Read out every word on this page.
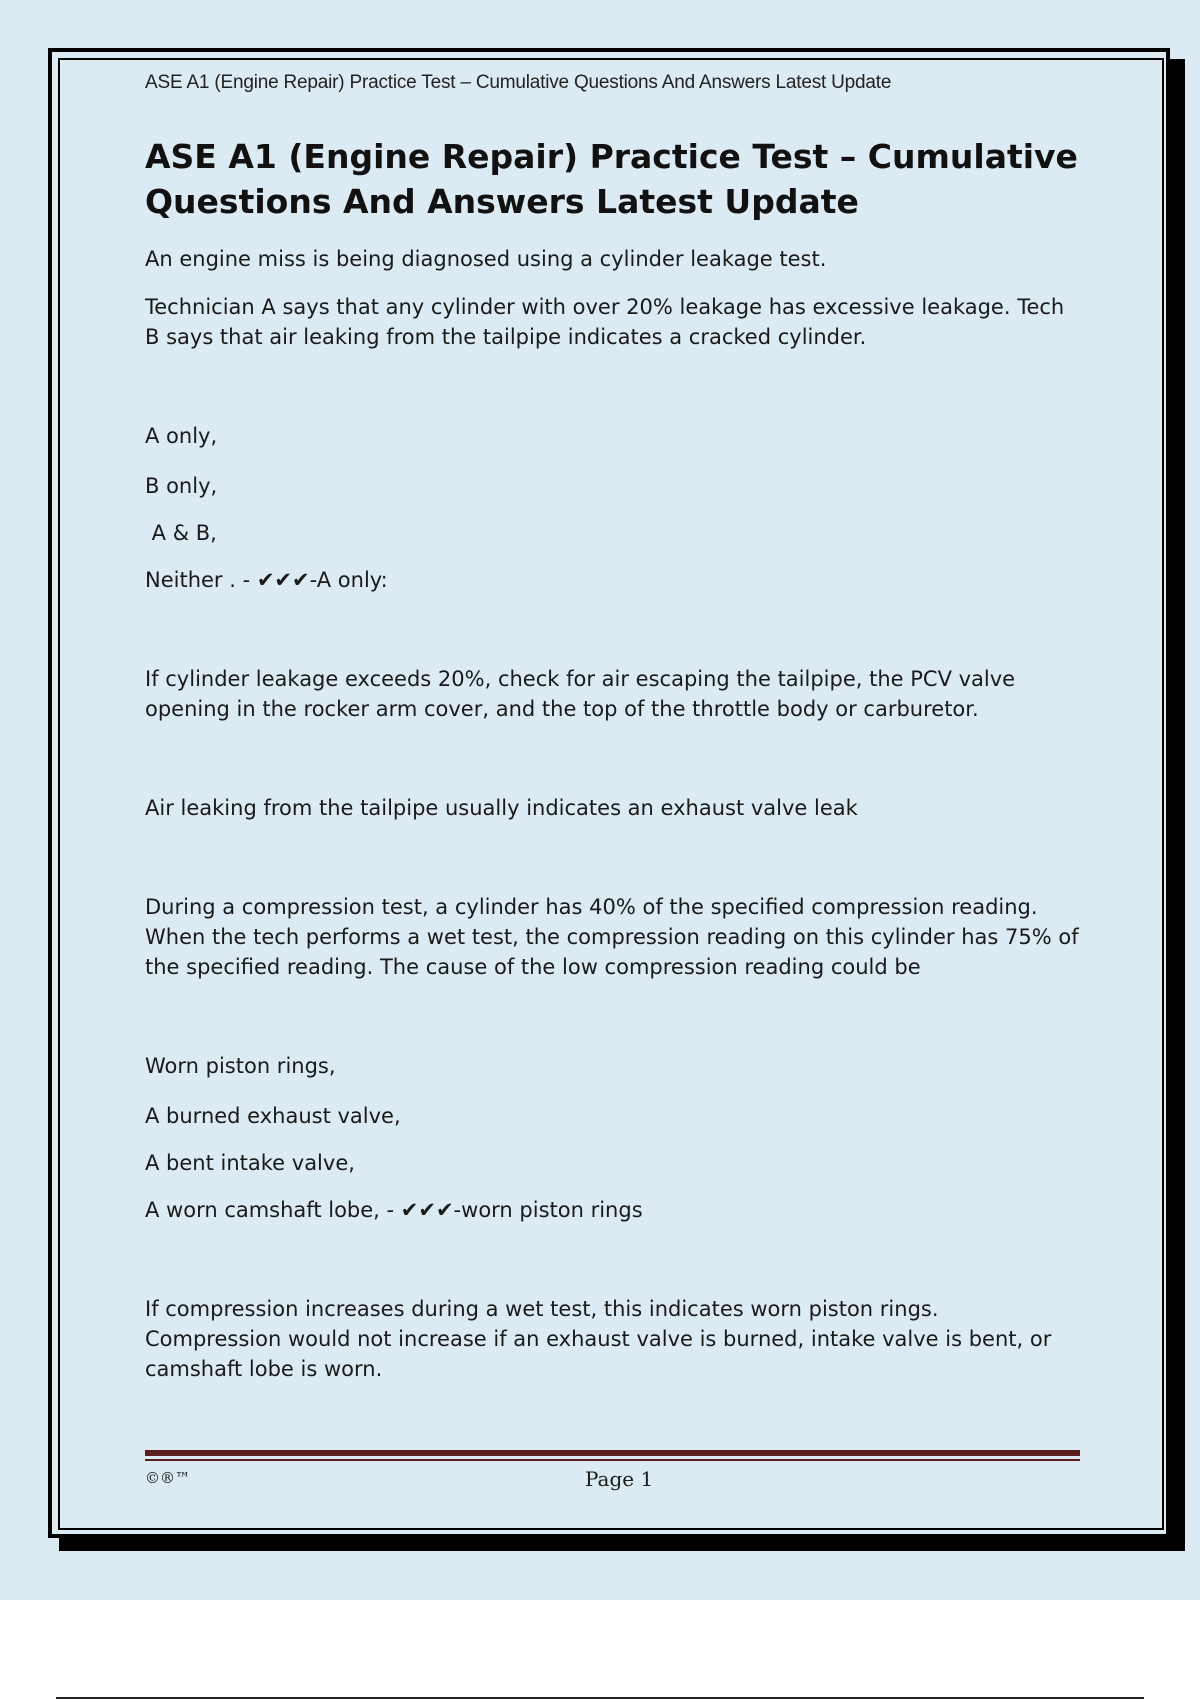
ASE A1 (Engine Repair) Practice Test – Cumulative Questions And Answers Latest Update
ASE A1 (Engine Repair) Practice Test – Cumulative Questions And Answers Latest Update

An engine miss is being diagnosed using a cylinder leakage test.

Technician A says that any cylinder with over 20% leakage has excessive leakage. Tech B says that air leaking from the tailpipe indicates a cracked cylinder.

A only,

B only,

A & B,

Neither . - ✔✔✔-A only:

If cylinder leakage exceeds 20%, check for air escaping the tailpipe, the PCV valve opening in the rocker arm cover, and the top of the throttle body or carburetor.

Air leaking from the tailpipe usually indicates an exhaust valve leak

During a compression test, a cylinder has 40% of the specified compression reading. When the tech performs a wet test, the compression reading on this cylinder has 75% of the specified reading. The cause of the low compression reading could be

Worn piston rings,

A burned exhaust valve,

A bent intake valve,

A worn camshaft lobe, - ✔✔✔-worn piston rings

If compression increases during a wet test, this indicates worn piston rings. Compression would not increase if an exhaust valve is burned, intake valve is bent, or camshaft lobe is worn.

©®™	Page 1
